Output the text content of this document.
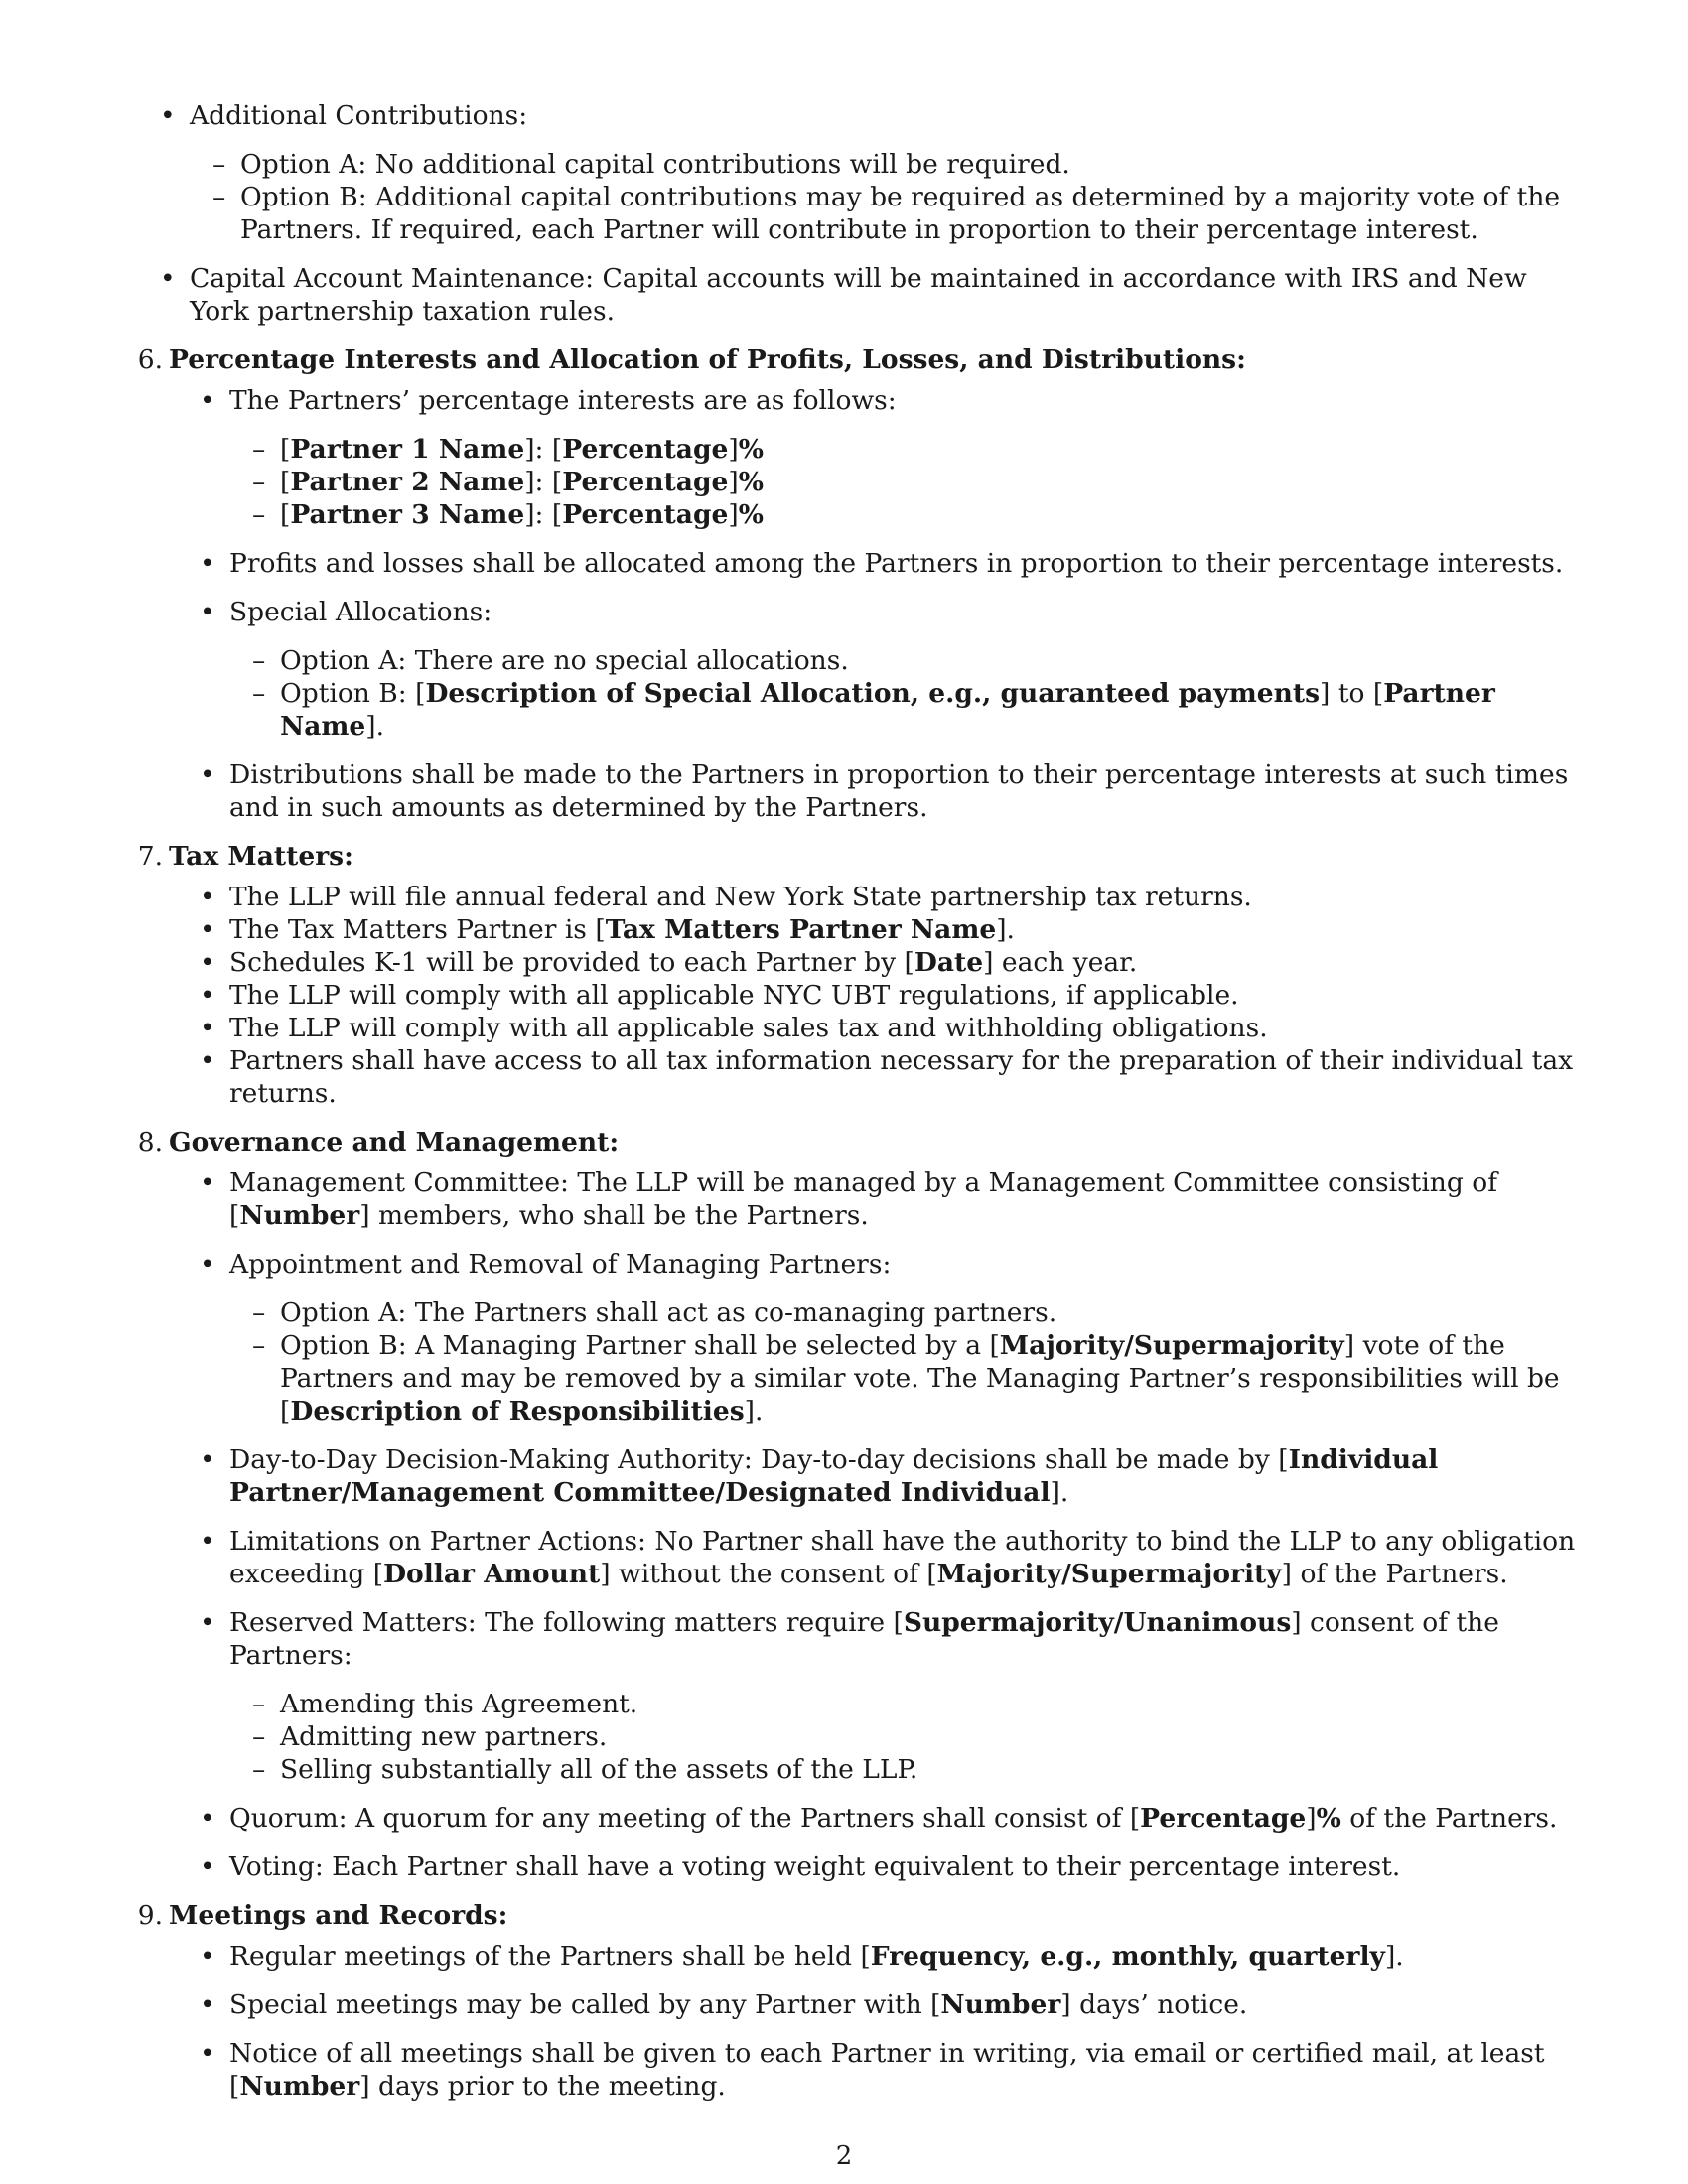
• Additional Contributions:
– Option A: No additional capital contributions will be required.
– Option B: Additional capital contributions may be required as determined by a majority vote of the Partners. If required, each Partner will contribute in proportion to their percentage interest.
• Capital Account Maintenance: Capital accounts will be maintained in accordance with IRS and New York partnership taxation rules.
6. Percentage Interests and Allocation of Profits, Losses, and Distributions:
• The Partners’ percentage interests are as follows:
– [Partner 1 Name]: [Percentage]%
– [Partner 2 Name]: [Percentage]%
– [Partner 3 Name]: [Percentage]%
• Profits and losses shall be allocated among the Partners in proportion to their percentage interests.
• Special Allocations:
– Option A: There are no special allocations.
– Option B: [Description of Special Allocation, e.g., guaranteed payments] to [Partner Name].
• Distributions shall be made to the Partners in proportion to their percentage interests at such times and in such amounts as determined by the Partners.
7. Tax Matters:
• The LLP will file annual federal and New York State partnership tax returns.
• The Tax Matters Partner is [Tax Matters Partner Name].
• Schedules K-1 will be provided to each Partner by [Date] each year.
• The LLP will comply with all applicable NYC UBT regulations, if applicable.
• The LLP will comply with all applicable sales tax and withholding obligations.
• Partners shall have access to all tax information necessary for the preparation of their individual tax returns.
8. Governance and Management:
• Management Committee: The LLP will be managed by a Management Committee consisting of [Number] members, who shall be the Partners.
• Appointment and Removal of Managing Partners:
– Option A: The Partners shall act as co-managing partners.
– Option B: A Managing Partner shall be selected by a [Majority/Supermajority] vote of the Partners and may be removed by a similar vote. The Managing Partner’s responsibilities will be [Description of Responsibilities].
• Day-to-Day Decision-Making Authority: Day-to-day decisions shall be made by [Individual Partner/Management Committee/Designated Individual].
• Limitations on Partner Actions: No Partner shall have the authority to bind the LLP to any obligation exceeding [Dollar Amount] without the consent of [Majority/Supermajority] of the Partners.
• Reserved Matters: The following matters require [Supermajority/Unanimous] consent of the Partners:
– Amending this Agreement.
– Admitting new partners.
– Selling substantially all of the assets of the LLP.
• Quorum: A quorum for any meeting of the Partners shall consist of [Percentage]% of the Partners.
• Voting: Each Partner shall have a voting weight equivalent to their percentage interest.
9. Meetings and Records:
• Regular meetings of the Partners shall be held [Frequency, e.g., monthly, quarterly].
• Special meetings may be called by any Partner with [Number] days’ notice.
• Notice of all meetings shall be given to each Partner in writing, via email or certified mail, at least [Number] days prior to the meeting.
2
